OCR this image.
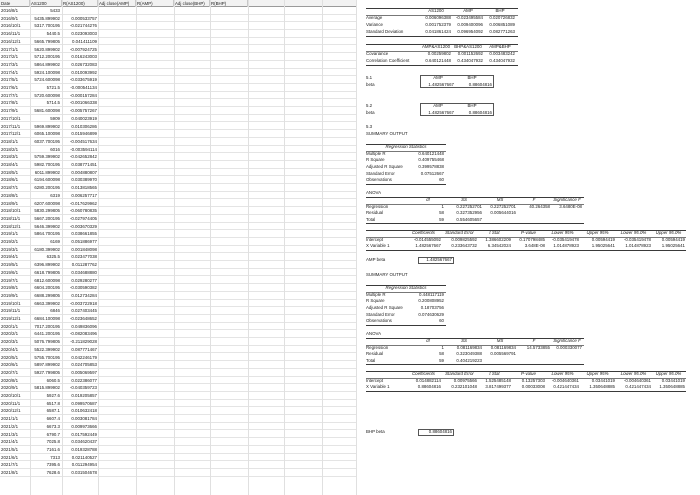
Date	AS1200	R(AS1200)	Adj close(AMP)	R(AMP)	Adj close(BHP)	R(BHP)
2016/8/1	5433
2016/9/1	5435.899902	0.000533757
2016/10/1	5317.700195	-0.021744276
2016/11/1	5440.5	0.023093003
2016/12/1	5665.799805	0.041411109
2017/1/1	5620.899902	-0.007924725
2017/2/1	5712.200195	0.016243003
2017/3/1	5864.899902	0.026732083
2017/4/1	5924.100098	0.010093992
2017/5/1	5724.600098	-0.033675919
2017/6/1	5721.5	-0.000541134
2017/7/1	5720.600098	-0.000157284
2017/8/1	5714.5	-0.001066338
2017/9/1	5681.600098	-0.005757267
2017/10/1	5909	0.040023919
2017/11/1	5969.899902	0.010306286
2017/12/1	6065.100098	0.015946899
2018/1/1	6037.700195	-0.004517634
2018/2/1	6016	-0.003594114
2018/3/1	5759.399902	-0.042652842
2018/4/1	5982.700195	0.038771451
2018/5/1	6011.899902	0.004880807
2018/6/1	6194.600098	0.030389970
2018/7/1	6280.200195	0.013818565
2018/8/1	6319	0.006257717
2018/9/1	6207.600098	-0.017629962
2018/10/1	5830.299805	-0.060780835
2018/11/1	5667.200195	-0.027974405
2018/12/1	5646.399902	-0.003670329
2019/1/1	5864.700195	0.038661855
2019/2/1	6169	0.051886977
2019/3/1	6180.399902	0.001848098
2019/4/1	6325.5	0.023477038
2019/5/1	6396.899902	0.011287762
2019/6/1	6618.799805	0.034688880
2019/7/1	6812.600098	0.029280277
2019/8/1	6604.200195	-0.030590382
2019/9/1	6688.299805	0.012734284
2019/10/1	6663.399902	-0.003722918
2019/11/1	6846	0.027403445
2019/12/1	6684.100098	-0.023648652
2020/1/1	7017.200195	0.049836096
2020/2/1	6441.200195	-0.082083496
2020/3/1	5076.799805	-0.211829028
2020/4/1	5522.399902	0.087771467
2020/5/1	5755.700195	0.042246179
2020/6/1	5897.899902	0.024705853
2020/7/1	5927.799805	0.005069597
2020/8/1	6060.5	0.022386077
2020/9/1	5815.899902	-0.040359723
2020/10/1	5927.6	0.019205857
2020/11/1	6517.8	0.099570687
2020/12/1	6587.1	0.010632418
2021/1/1	6607.4	0.003081784
2021/2/1	6673.3	0.009973666
2021/3/1	6790.7	0.017592449
2021/4/1	7025.8	0.034620437
2021/5/1	7161.6	0.019328788
2021/6/1	7313	0.021140527
2021/7/1	7395.6	0.011294954
2021/8/1	7628.6	0.031504678
AS1200	AMP	BHP
Average	0.006096388	-0.023495584	0.020726832
Variance	0.001752379	0.009400096	0.006851089
Standard Deviation	0.041861424	0.096954092	0.082771263
AMP&AS1200 BHP&AS1200	AMP&BHP
Covariance	0.00259802	0.001152692	0.003483242
Correlation Coefficient	0.640121448	0.434047932	0.434047932
5.1	AMP	BHP
beta	1.482567667	0.88604816
5.2	AMP	BHP
beta	1.482567667	0.88604816
5.3
SUMMARY OUTPUT
Regression Statistics
Multiple R	0.640121448
R Square	0.409755468
Adjusted R Square	0.399578838
Standard Error	0.07512667
Observations	60
ANOVA
df	SS	MS	F	Significance F
Regression	1	0.227252701	0.227252701	40.264358	3.6480E-08
Residual	58	0.327352956	0.005644016
Total	59	0.554605657
Coefficients	Standard Error	t Stat	P-value	Lower 95%	Upper 95%	Lower 95.0%	Upper 95.0%
Intercept	-0.014555092	0.009825592	1.386602209	0.170798485	-0.035419478	0.00594419	-0.035419478	0.00594419
X Variable 1	1.482567667	0.233643732	6.34542024	3.648E-08	1.014878923	1.95025641	1.014878923	1.95025641
AMP beta	1.482567667
SUMMARY OUTPUT
Regression Statistics
Multiple R	0.448117119
R Square	0.200808952
Adjusted R Square	0.18703756
Standard Error	0.074630629
Observations	60
ANOVA
df	SS	MS	F	Significance F
Regression	1	0.081169834	0.081169834	14.5733855	0.000330077
Residual	58	0.323049388	0.005569791
Total	59	0.404219223
Coefficients	Standard Error	t Stat	P-value	Lower 95%	Upper 95%	Lower 95.0%	Upper 95.0%
Intercept	0.014882114	0.00975566	1.525485148	0.13257303	-0.004640361	0.03441019	-0.004640361	0.03441019
X Variable 1	0.88604816	0.232101048	3.817499377	0.00033008	0.421447434	1.350648885	0.421447434	1.350648885
BHP beta	0.88604816
